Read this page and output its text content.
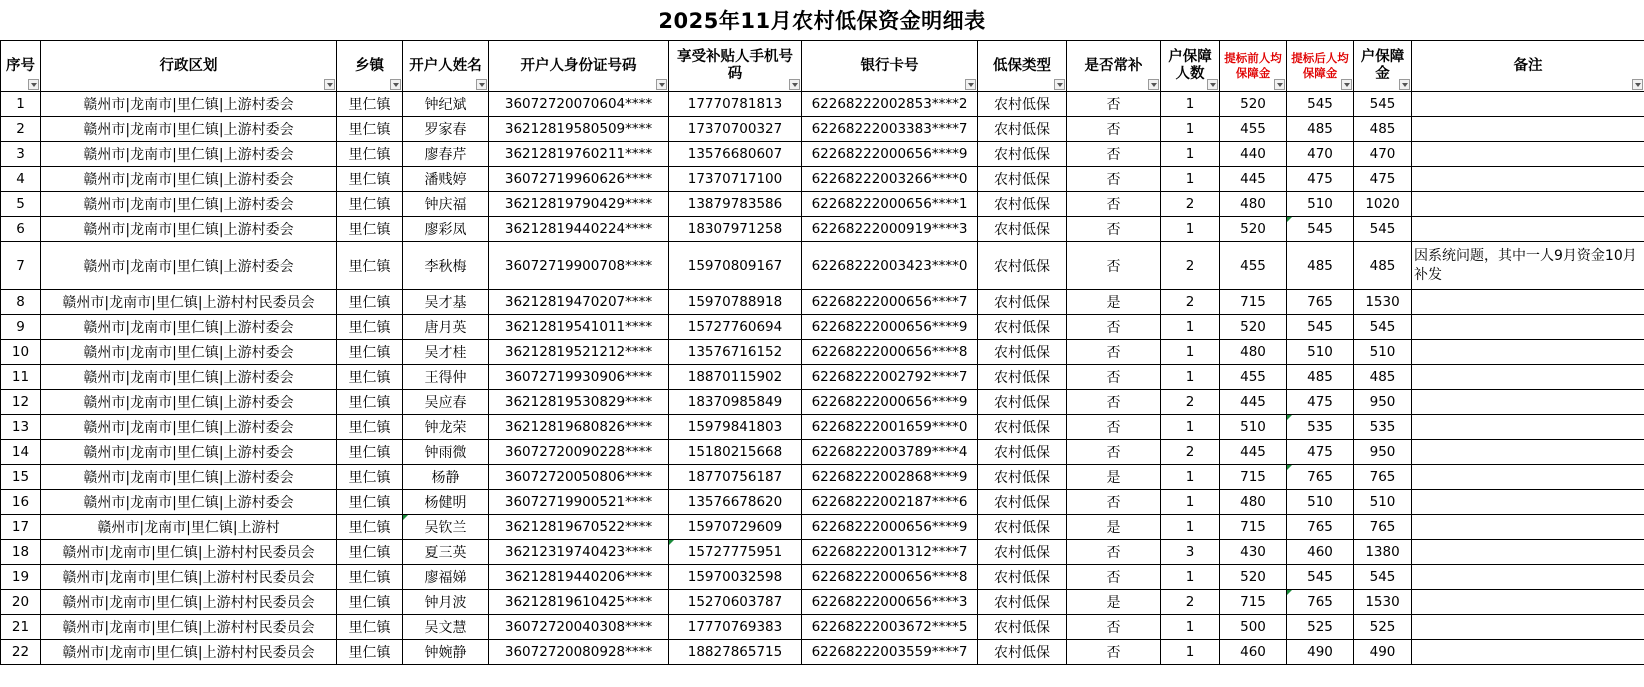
2025年11月农村低保资金明细表
序号	行政区划	乡镇	开户人姓名	开户人身份证号码	享受补贴人手机号码	银行卡号	低保类型	是否常补	户保障人数	提标前人均保障金	提标后人均保障金	户保障金	备注

1	赣州市|龙南市|里仁镇|上游村委会	里仁镇	钟纪斌	36072720070604****	17770781813	62268222002853****2	农村低保	否	1	520	545	545	
2	赣州市|龙南市|里仁镇|上游村委会	里仁镇	罗家春	36212819580509****	17370700327	62268222003383****7	农村低保	否	1	455	485	485	
3	赣州市|龙南市|里仁镇|上游村委会	里仁镇	廖春芹	36212819760211****	13576680607	62268222000656****9	农村低保	否	1	440	470	470	
4	赣州市|龙南市|里仁镇|上游村委会	里仁镇	潘贱婷	36072719960626****	17370717100	62268222003266****0	农村低保	否	1	445	475	475	
5	赣州市|龙南市|里仁镇|上游村委会	里仁镇	钟庆福	36212819790429****	13879783586	62268222000656****1	农村低保	否	2	480	510	1020	
6	赣州市|龙南市|里仁镇|上游村委会	里仁镇	廖彩凤	36212819440224****	18307971258	62268222000919****3	农村低保	否	1	520	545	545	
7	赣州市|龙南市|里仁镇|上游村委会	里仁镇	李秋梅	36072719900708****	15970809167	62268222003423****0	农村低保	否	2	455	485	485	因系统问题，其中一人9月资金10月补发
8	赣州市|龙南市|里仁镇|上游村村民委员会	里仁镇	吴才基	36212819470207****	15970788918	62268222000656****7	农村低保	是	2	715	765	1530	
9	赣州市|龙南市|里仁镇|上游村委会	里仁镇	唐月英	36212819541011****	15727760694	62268222000656****9	农村低保	否	1	520	545	545	
10	赣州市|龙南市|里仁镇|上游村委会	里仁镇	吴才桂	36212819521212****	13576716152	62268222000656****8	农村低保	否	1	480	510	510	
11	赣州市|龙南市|里仁镇|上游村委会	里仁镇	王得仲	36072719930906****	18870115902	62268222002792****7	农村低保	否	1	455	485	485	
12	赣州市|龙南市|里仁镇|上游村委会	里仁镇	吴应春	36212819530829****	18370985849	62268222000656****9	农村低保	否	2	445	475	950	
13	赣州市|龙南市|里仁镇|上游村委会	里仁镇	钟龙荣	36212819680826****	15979841803	62268222001659****0	农村低保	否	1	510	535	535	
14	赣州市|龙南市|里仁镇|上游村委会	里仁镇	钟雨微	36072720090228****	15180215668	62268222003789****4	农村低保	否	2	445	475	950	
15	赣州市|龙南市|里仁镇|上游村委会	里仁镇	杨静	36072720050806****	18770756187	62268222002868****9	农村低保	是	1	715	765	765	
16	赣州市|龙南市|里仁镇|上游村委会	里仁镇	杨健明	36072719900521****	13576678620	62268222002187****6	农村低保	否	1	480	510	510	
17	赣州市|龙南市|里仁镇|上游村	里仁镇	吴钦兰	36212819670522****	15970729609	62268222000656****9	农村低保	是	1	715	765	765	
18	赣州市|龙南市|里仁镇|上游村村民委员会	里仁镇	夏三英	36212319740423****	15727775951	62268222001312****7	农村低保	否	3	430	460	1380	
19	赣州市|龙南市|里仁镇|上游村村民委员会	里仁镇	廖福娣	36212819440206****	15970032598	62268222000656****8	农村低保	否	1	520	545	545	
20	赣州市|龙南市|里仁镇|上游村村民委员会	里仁镇	钟月波	36212819610425****	15270603787	62268222000656****3	农村低保	是	2	715	765	1530	
21	赣州市|龙南市|里仁镇|上游村村民委员会	里仁镇	吴文慧	36072720040308****	17770769383	62268222003672****5	农村低保	否	1	500	525	525	
22	赣州市|龙南市|里仁镇|上游村村民委员会	里仁镇	钟婉静	36072720080928****	18827865715	62268222003559****7	农村低保	否	1	460	490	490	
